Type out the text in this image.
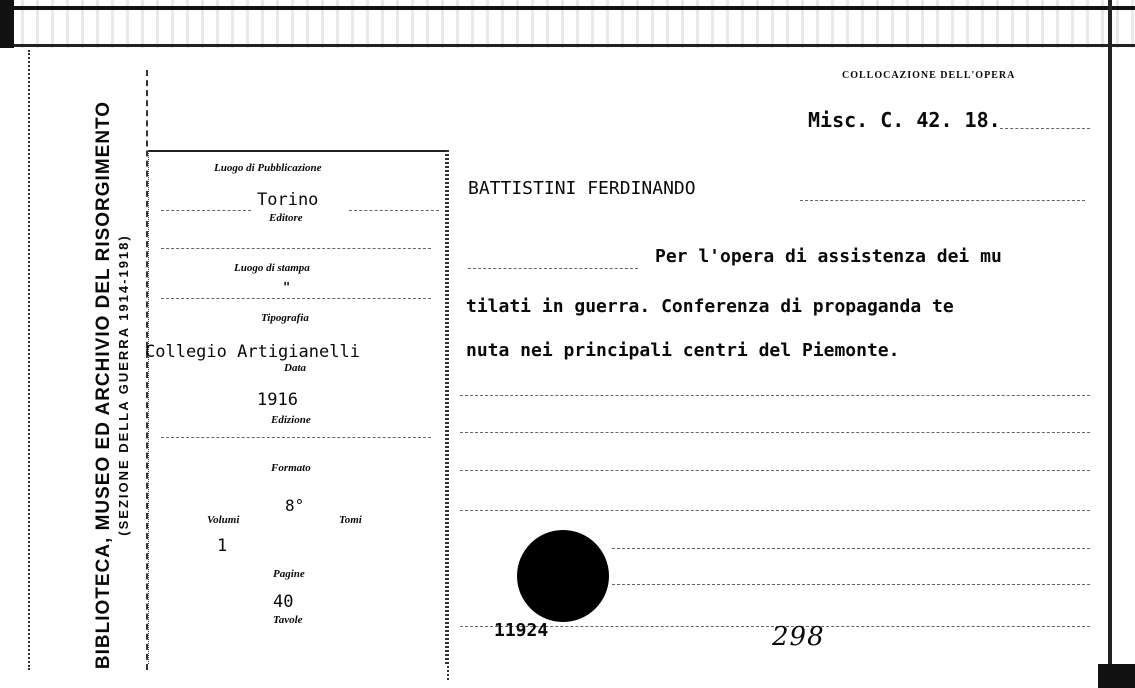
BIBLIOTECA, MUSEO ED ARCHIVIO DEL RISORGIMENTO (SEZIONE DELLA GUERRA 1914-1918)
Luogo di Pubblicazione
Torino
Editore
Luogo di stampa
"
Tipografia
Collegio Artigianelli
Data
1916
Edizione
Formato
8°
Volumi	Tomi
1
Pagine
40
Tavole
COLLOCAZIONE DELL'OPERA
Misc. C. 42. 18.
BATTISTINI FERDINANDO
Per l'opera di assistenza dei mu
tilati in guerra. Conferenza di propaganda te
nuta nei principali centri del Piemonte.
11924	298
